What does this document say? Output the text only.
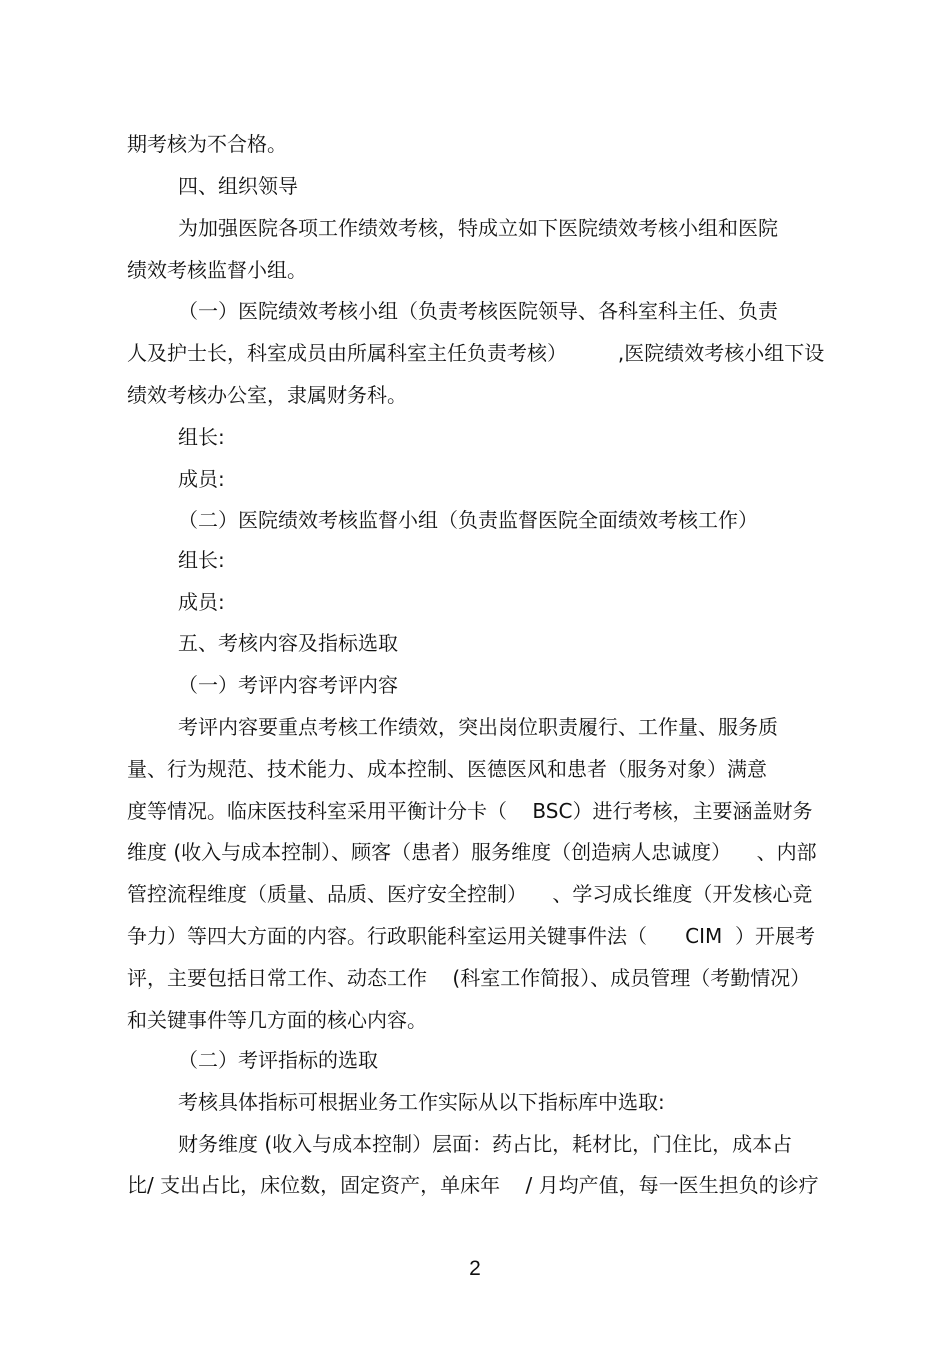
期考核为不合格。
四、组织领导
为加强医院各项工作绩效考核，特成立如下医院绩效考核小组和医院
绩效考核监督小组。
（一）医院绩效考核小组（负责考核医院领导、各科室科主任、负责
人及护士长，科室成员由所属科室主任负责考核）        ,医院绩效考核小组下设
绩效考核办公室，隶属财务科。
组长:
成员:
（二）医院绩效考核监督小组（负责监督医院全面绩效考核工作）
组长:
成员:
五、考核内容及指标选取
（一）考评内容考评内容
考评内容要重点考核工作绩效，突出岗位职责履行、工作量、服务质
量、行为规范、技术能力、成本控制、医德医风和患者（服务对象）满意
度等情况。临床医技科室采用平衡计分卡（    BSC）进行考核，主要涵盖财务
维度 (收入与成本控制）、顾客（患者）服务维度（创造病人忠诚度）    、内部
管控流程维度（质量、品质、医疗安全控制）    、学习成长维度（开发核心竞
争力）等四大方面的内容。行政职能科室运用关键事件法（      CIM  ）开展考
评，主要包括日常工作、动态工作    (科室工作简报）、成员管理（考勤情况）
和关键事件等几方面的核心内容。
（二）考评指标的选取
考核具体指标可根据业务工作实际从以下指标库中选取:
财务维度 (收入与成本控制）层面：药占比，耗材比，门住比，成本占
比/ 支出占比，床位数，固定资产，单床年    / 月均产值，每一医生担负的诊疗
2
